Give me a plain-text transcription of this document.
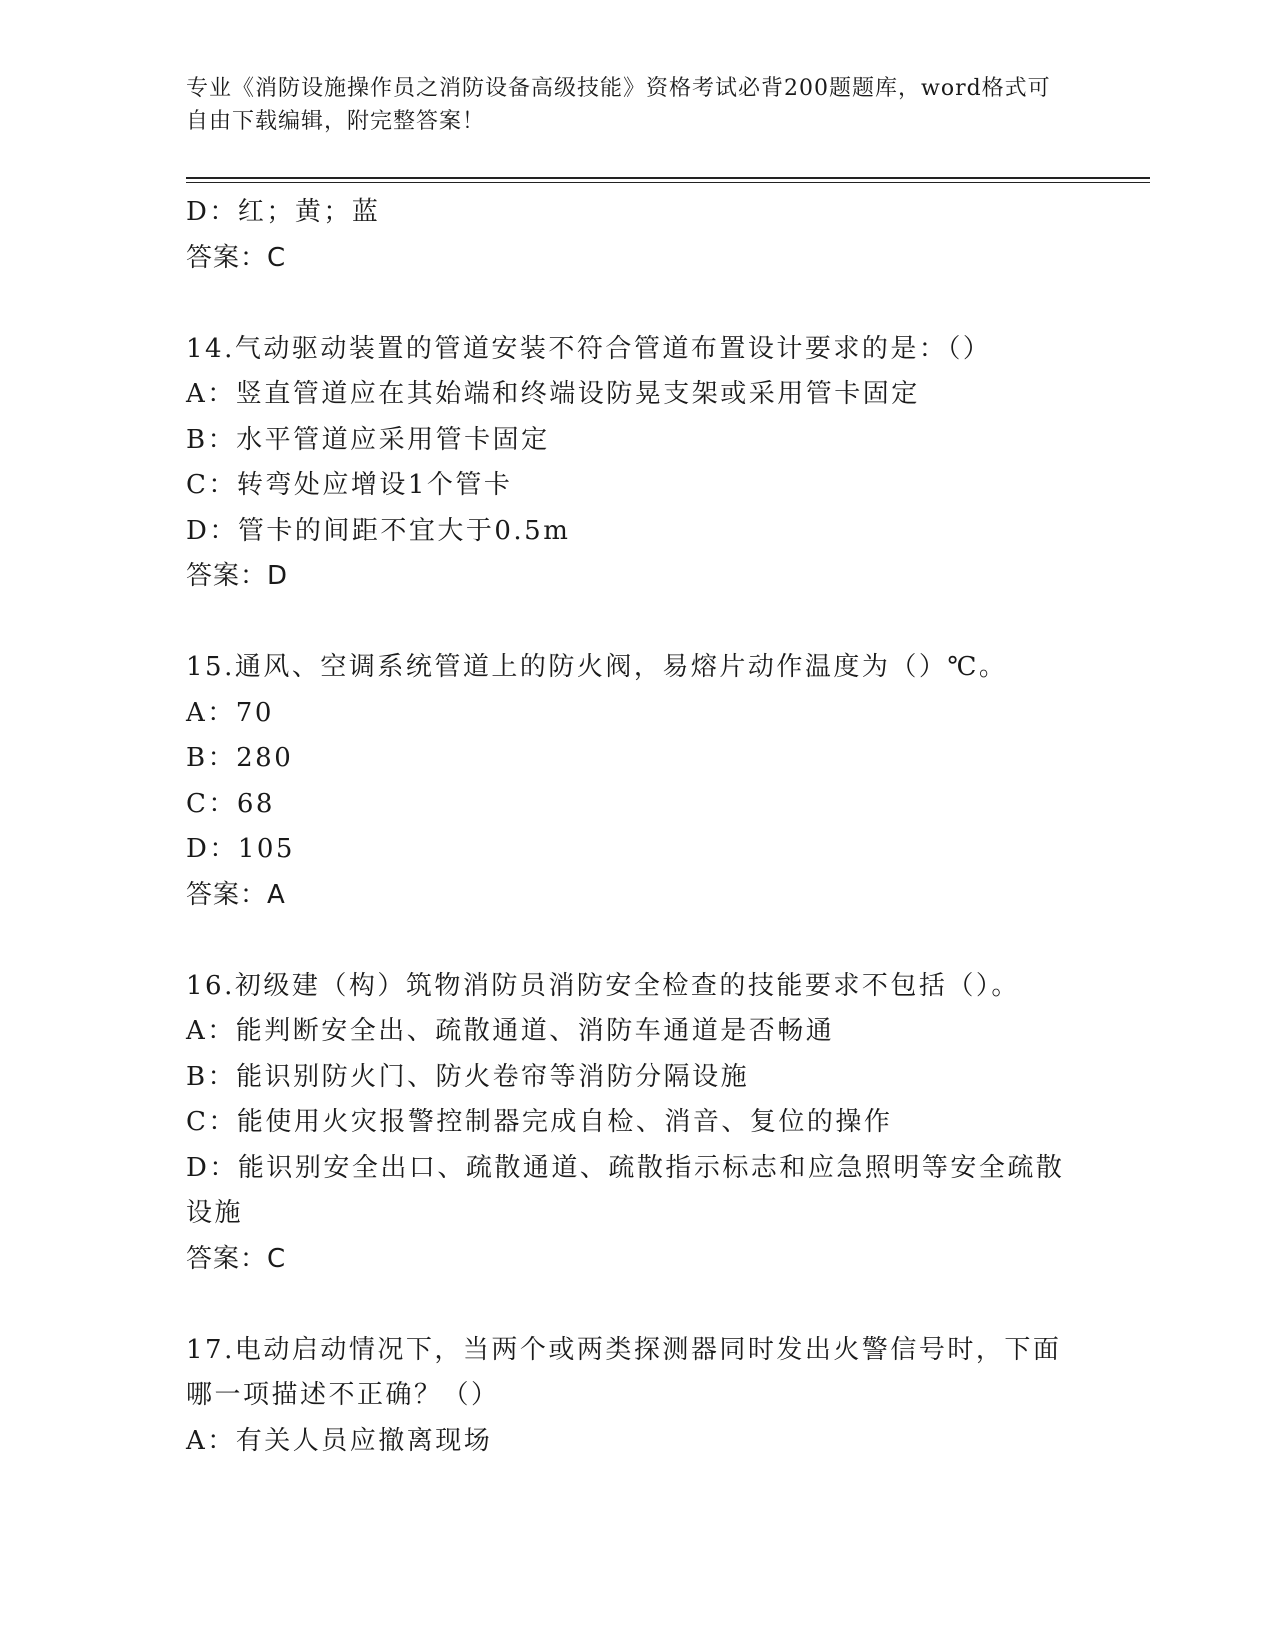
专业《消防设施操作员之消防设备高级技能》资格考试必背200题题库，word格式可自由下载编辑，附完整答案！
D：红；黄；蓝
答案：C
14.气动驱动装置的管道安装不符合管道布置设计要求的是：（）
A：竖直管道应在其始端和终端设防晃支架或采用管卡固定
B：水平管道应采用管卡固定
C：转弯处应增设1个管卡
D：管卡的间距不宜大于0.5m
答案：D
15.通风、空调系统管道上的防火阀，易熔片动作温度为（）℃。
A：70
B：280
C：68
D：105
答案：A
16.初级建（构）筑物消防员消防安全检查的技能要求不包括（）。
A：能判断安全出、疏散通道、消防车通道是否畅通
B：能识别防火门、防火卷帘等消防分隔设施
C：能使用火灾报警控制器完成自检、消音、复位的操作
D：能识别安全出口、疏散通道、疏散指示标志和应急照明等安全疏散设施
答案：C
17.电动启动情况下，当两个或两类探测器同时发出火警信号时，下面哪一项描述不正确？（）
A：有关人员应撤离现场
